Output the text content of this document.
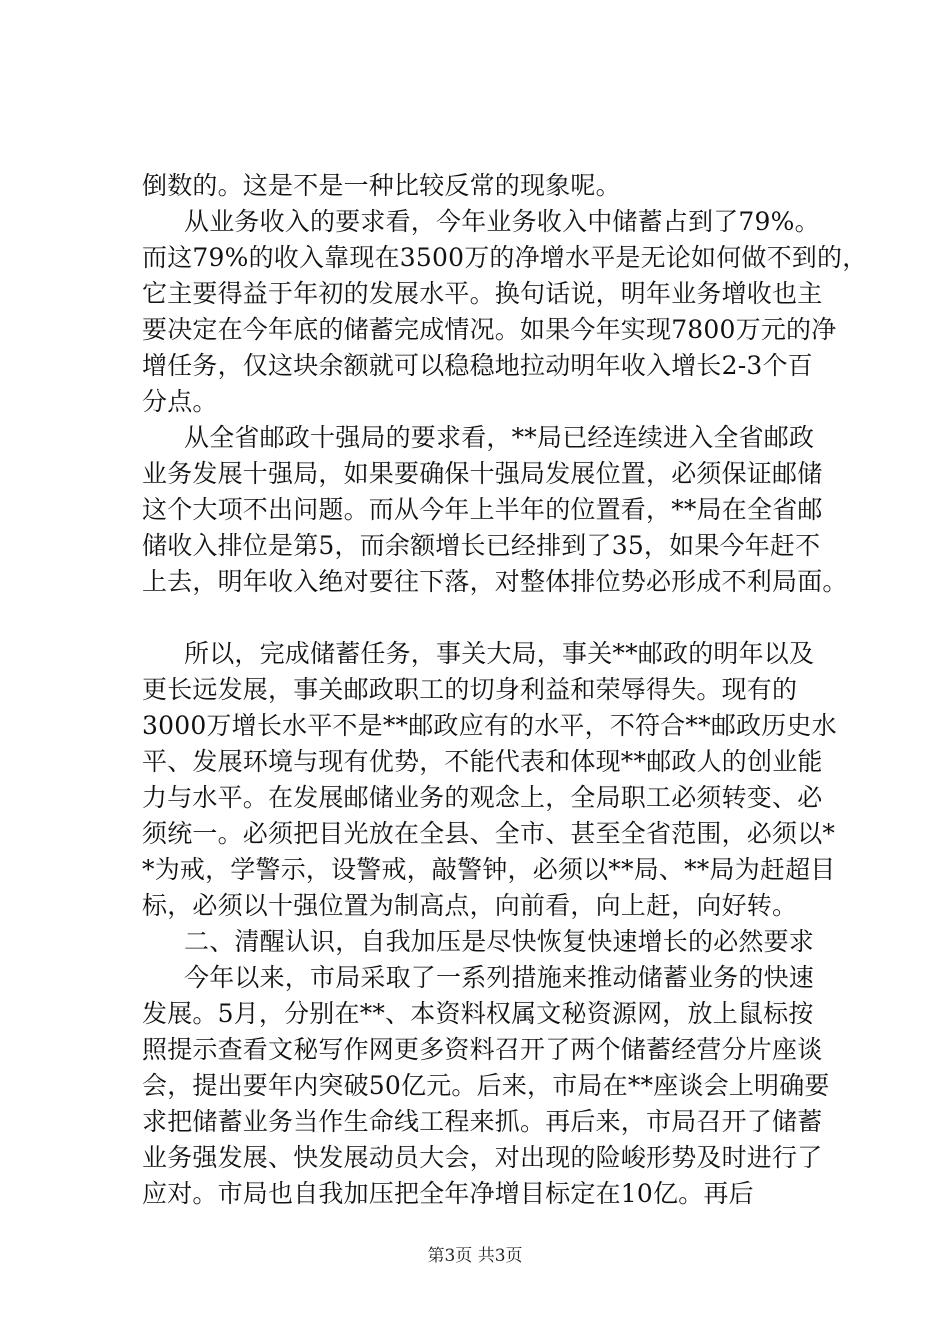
倒数的。这是不是一种比较反常的现象呢。
从业务收入的要求看，今年业务收入中储蓄占到了79%。
而这79%的收入靠现在3500万的净增水平是无论如何做不到的，
它主要得益于年初的发展水平。换句话说，明年业务增收也主
要决定在今年底的储蓄完成情况。如果今年实现7800万元的净
增任务，仅这块余额就可以稳稳地拉动明年收入增长2-3个百
分点。
从全省邮政十强局的要求看，**局已经连续进入全省邮政
业务发展十强局，如果要确保十强局发展位置，必须保证邮储
这个大项不出问题。而从今年上半年的位置看，**局在全省邮
储收入排位是第5，而余额增长已经排到了35，如果今年赶不
上去，明年收入绝对要往下落，对整体排位势必形成不利局面。
所以，完成储蓄任务，事关大局，事关**邮政的明年以及
更长远发展，事关邮政职工的切身利益和荣辱得失。现有的
3000万增长水平不是**邮政应有的水平，不符合**邮政历史水
平、发展环境与现有优势，不能代表和体现**邮政人的创业能
力与水平。在发展邮储业务的观念上，全局职工必须转变、必
须统一。必须把目光放在全县、全市、甚至全省范围，必须以*
*为戒，学警示，设警戒，敲警钟，必须以**局、**局为赶超目
标，必须以十强位置为制高点，向前看，向上赶，向好转。
二、清醒认识，自我加压是尽快恢复快速增长的必然要求
今年以来，市局采取了一系列措施来推动储蓄业务的快速
发展。5月，分别在**、本资料权属文秘资源网，放上鼠标按
照提示查看文秘写作网更多资料召开了两个储蓄经营分片座谈
会，提出要年内突破50亿元。后来，市局在**座谈会上明确要
求把储蓄业务当作生命线工程来抓。再后来，市局召开了储蓄
业务强发展、快发展动员大会，对出现的险峻形势及时进行了
应对。市局也自我加压把全年净增目标定在10亿。再后
第3页 共3页
